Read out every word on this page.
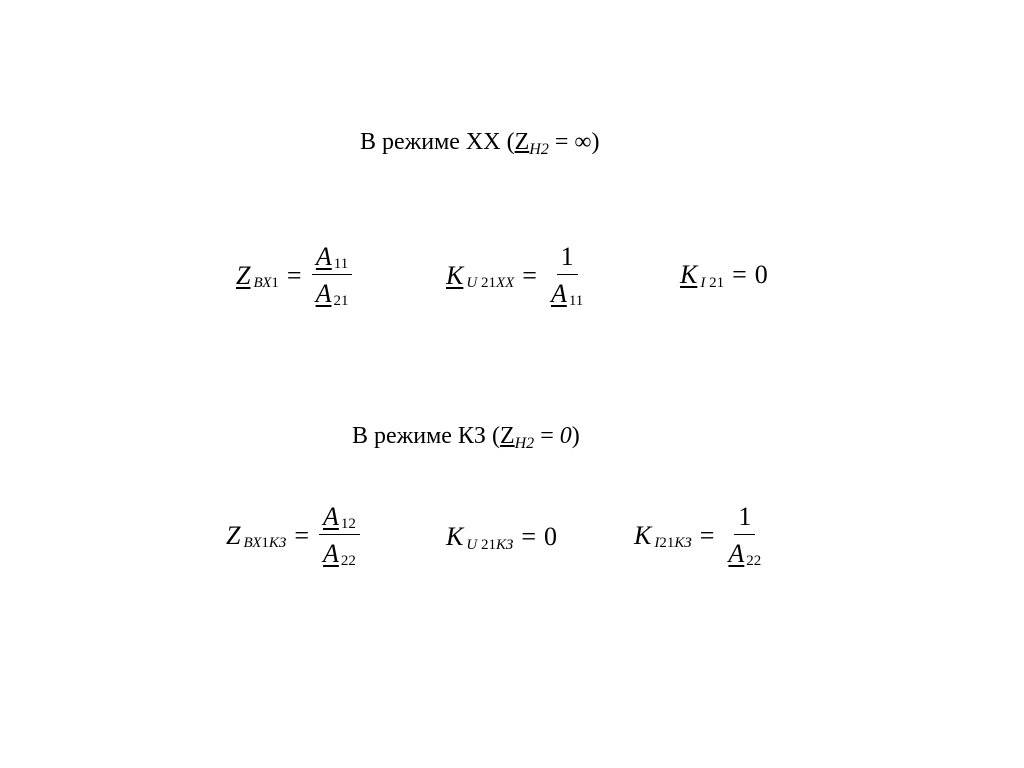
В режиме ХХ ($Z_{Н2}$ = ∞)
Z $ВХ1 = \frac{A 11}{A 21}$	K U $21ХХ = \frac{1}{A 11}$	K I 21 = 0
В режиме КЗ $(Z_{Н2} = 0)$
Z $ВХ1КЗ = \frac{A 12}{A 22}$	K U 21КЗ = 0	K $I21КЗ = \frac{1}{A 22}$
